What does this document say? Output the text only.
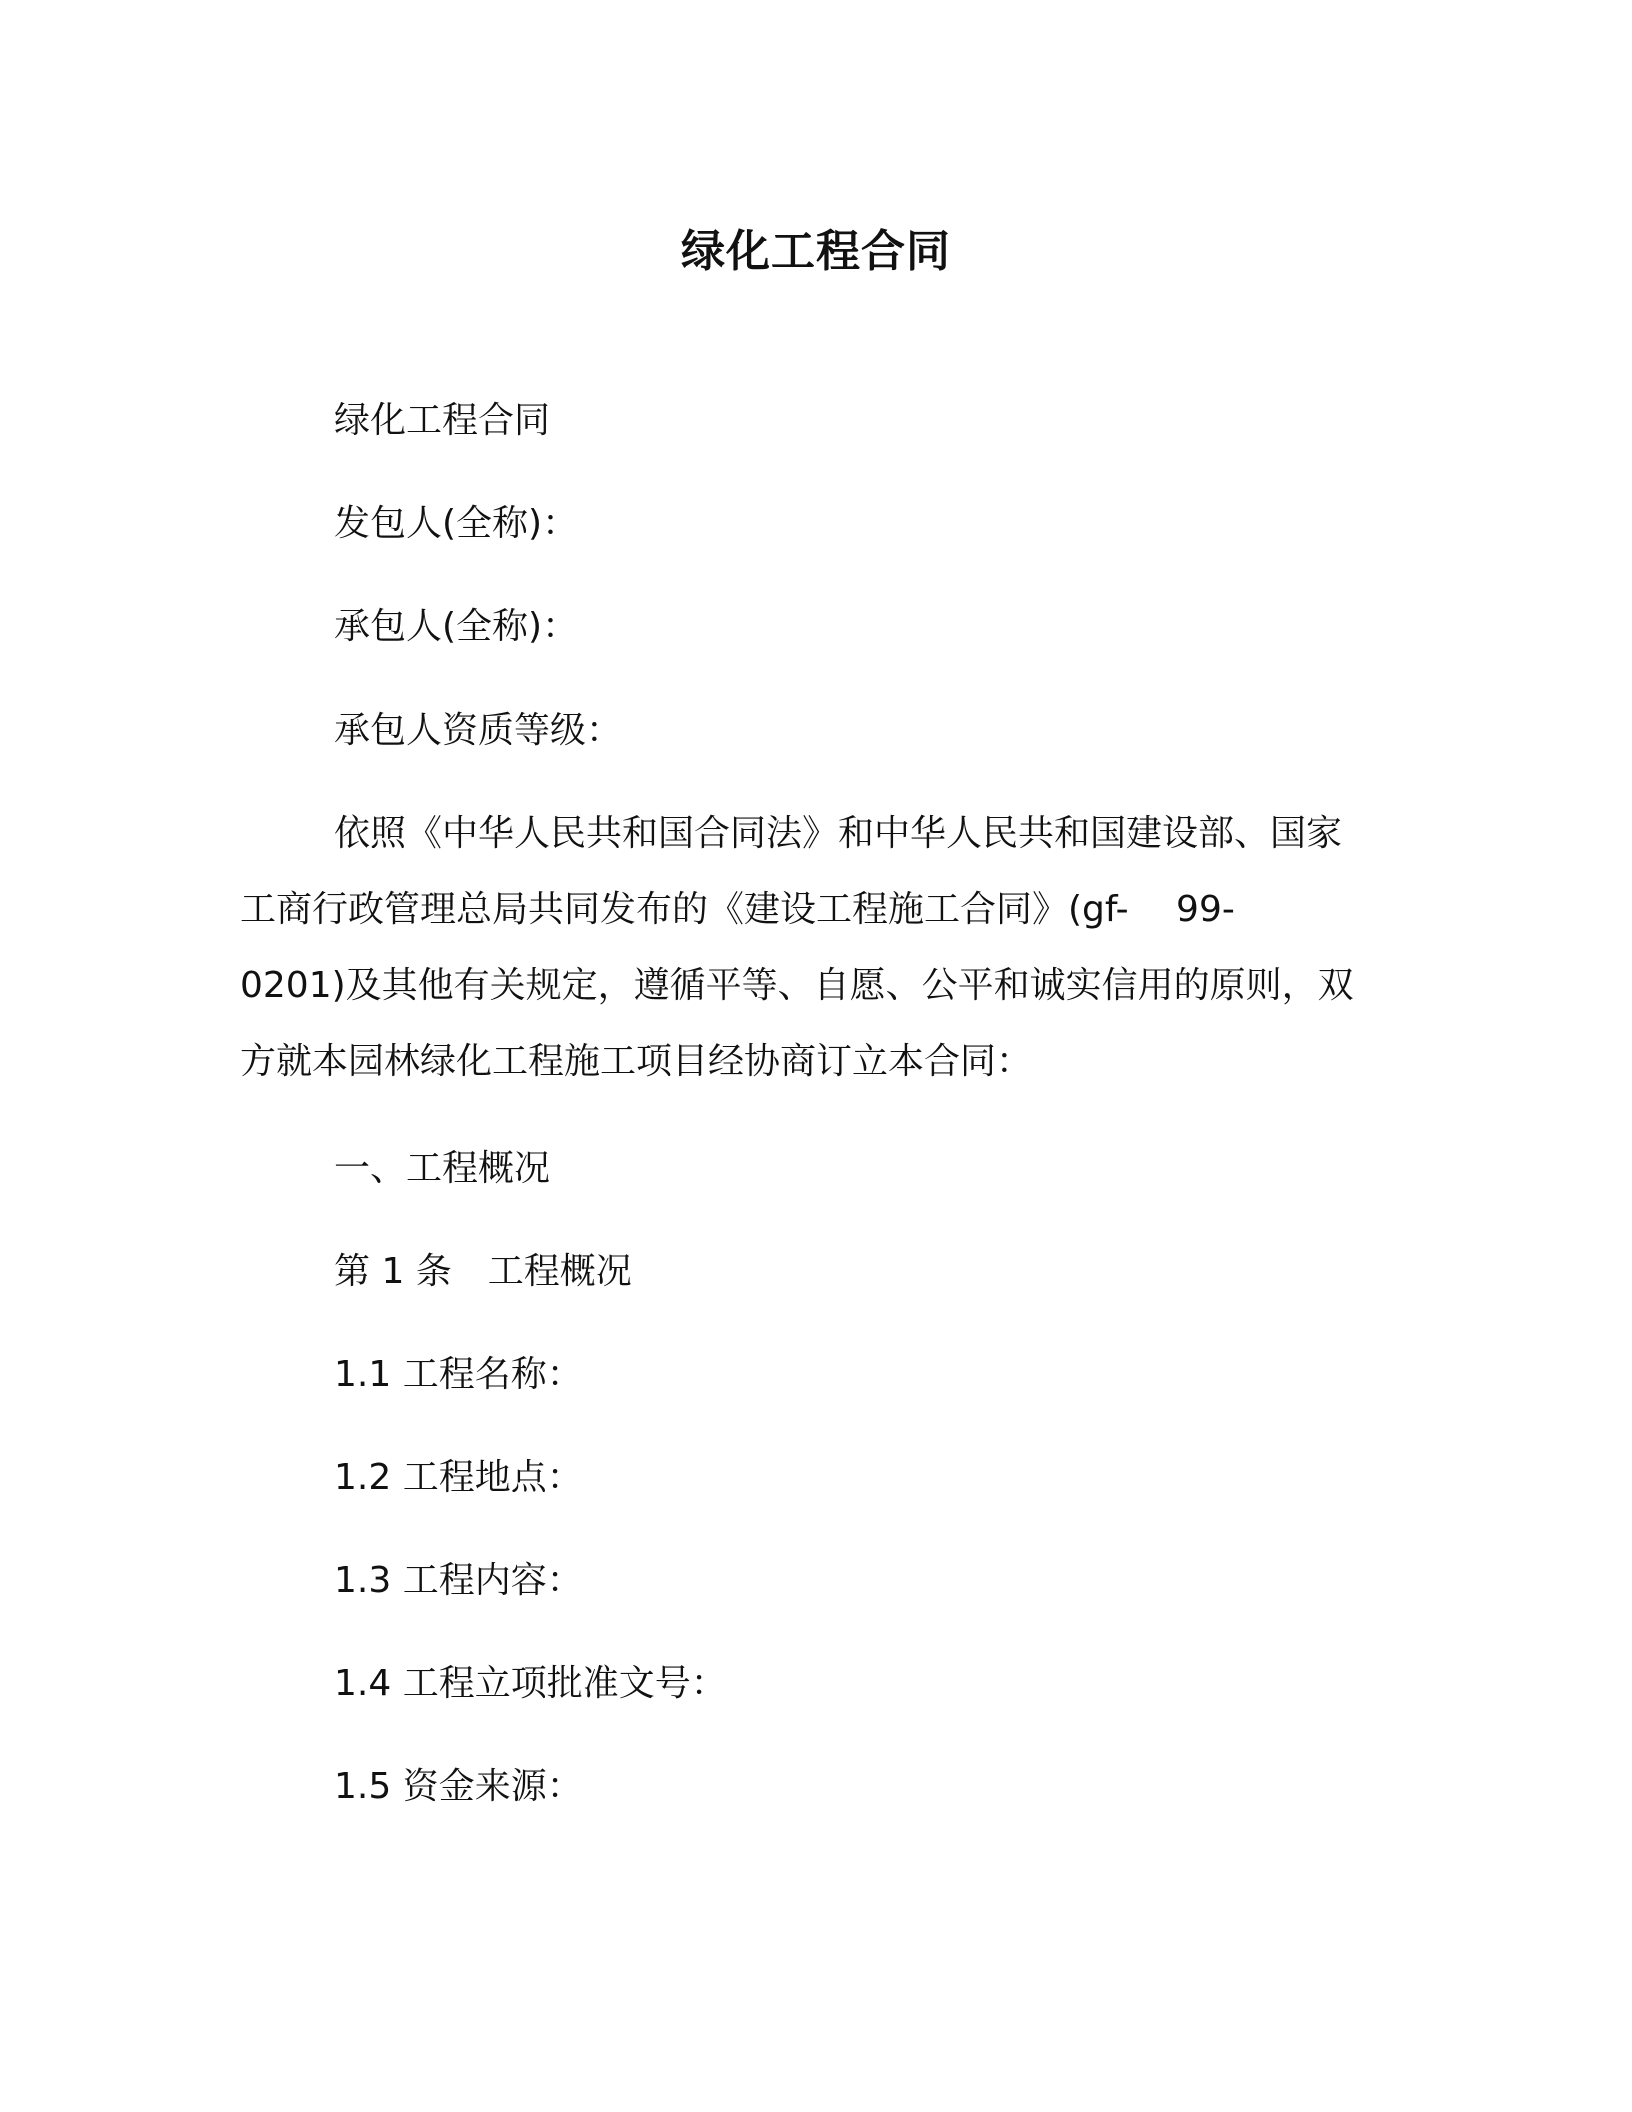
绿化工程合同
绿化工程合同
发包人(全称)：
承包人(全称)：
承包人资质等级：
依照《中华人民共和国合同法》和中华人民共和国建设部、国家
工商行政管理总局共同发布的《建设工程施工合同》(gf-　 99-
0201)及其他有关规定，遵循平等、自愿、公平和诚实信用的原则，双
方就本园林绿化工程施工项目经协商订立本合同：
一、工程概况
第 1 条　工程概况
1.1 工程名称：
1.2 工程地点：
1.3 工程内容：
1.4 工程立项批准文号：
1.5 资金来源：
